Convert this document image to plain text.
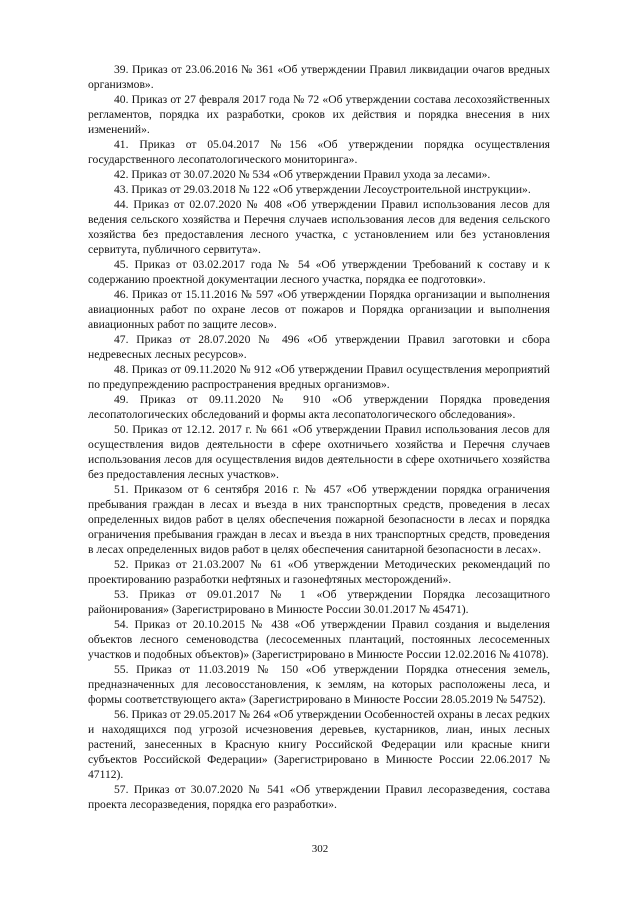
39. Приказ от 23.06.2016 № 361 «Об утверждении Правил ликвидации очагов вредных организмов».

40. Приказ от 27 февраля 2017 года № 72 «Об утверждении состава лесохозяйственных регламентов, порядка их разработки, сроков их действия и порядка внесения в них изменений».

41. Приказ от 05.04.2017 №156 «Об утверждении порядка осуществления государственного лесопатологического мониторинга».

42. Приказ от 30.07.2020 № 534 «Об утверждении Правил ухода за лесами».

43. Приказ от 29.03.2018 № 122 «Об утверждении Лесоустроительной инструкции».

44. Приказ от 02.07.2020 № 408 «Об утверждении Правил использования лесов для ведения сельского хозяйства и Перечня случаев использования лесов для ведения сельского хозяйства без предоставления лесного участка, с установлением или без установления сервитута, публичного сервитута».

45. Приказ от 03.02.2017 года № 54 «Об утверждении Требований к составу и к содержанию проектной документации лесного участка, порядка ее подготовки».

46. Приказ от 15.11.2016 № 597 «Об утверждении Порядка организации и выполнения авиационных работ по охране лесов от пожаров и Порядка организации и выполнения авиационных работ по защите лесов».

47. Приказ от 28.07.2020 № 496 «Об утверждении Правил заготовки и сбора недревесных лесных ресурсов».

48. Приказ от 09.11.2020 № 912 «Об утверждении Правил осуществления мероприятий по предупреждению распространения вредных организмов».

49. Приказ от 09.11.2020 № 910 «Об утверждении Порядка проведения лесопатологических обследований и формы акта лесопатологического обследования».

50. Приказ от 12.12. 2017 г. № 661 «Об утверждении Правил использования лесов для осуществления видов деятельности в сфере охотничьего хозяйства и Перечня случаев использования лесов для осуществления видов деятельности в сфере охотничьего хозяйства без предоставления лесных участков».

51. Приказом от 6 сентября 2016 г. № 457 «Об утверждении порядка ограничения пребывания граждан в лесах и въезда в них транспортных средств, проведения в лесах определенных видов работ в целях обеспечения пожарной безопасности в лесах и порядка ограничения пребывания граждан в лесах и въезда в них транспортных средств, проведения в лесах определенных видов работ в целях обеспечения санитарной безопасности в лесах».

52. Приказ от 21.03.2007 № 61 «Об утверждении Методических рекомендаций по проектированию разработки нефтяных и газонефтяных месторождений».

53. Приказ от 09.01.2017 № 1 «Об утверждении Порядка лесозащитного районирования» (Зарегистрировано в Минюсте России 30.01.2017 № 45471).

54. Приказ от 20.10.2015 № 438 «Об утверждении Правил создания и выделения объектов лесного семеноводства (лесосеменных плантаций, постоянных лесосеменных участков и подобных объектов)» (Зарегистрировано в Минюсте России 12.02.2016 № 41078).

55. Приказ от 11.03.2019 № 150 «Об утверждении Порядка отнесения земель, предназначенных для лесовосстановления, к землям, на которых расположены леса, и формы соответствующего акта» (Зарегистрировано в Минюсте России 28.05.2019 № 54752).

56. Приказ от 29.05.2017 № 264 «Об утверждении Особенностей охраны в лесах редких и находящихся под угрозой исчезновения деревьев, кустарников, лиан, иных лесных растений, занесенных в Красную книгу Российской Федерации или красные книги субъектов Российской Федерации» (Зарегистрировано в Минюсте России 22.06.2017 № 47112).

57. Приказ от 30.07.2020 № 541 «Об утверждении Правил лесоразведения, состава проекта лесоразведения, порядка его разработки».

302
